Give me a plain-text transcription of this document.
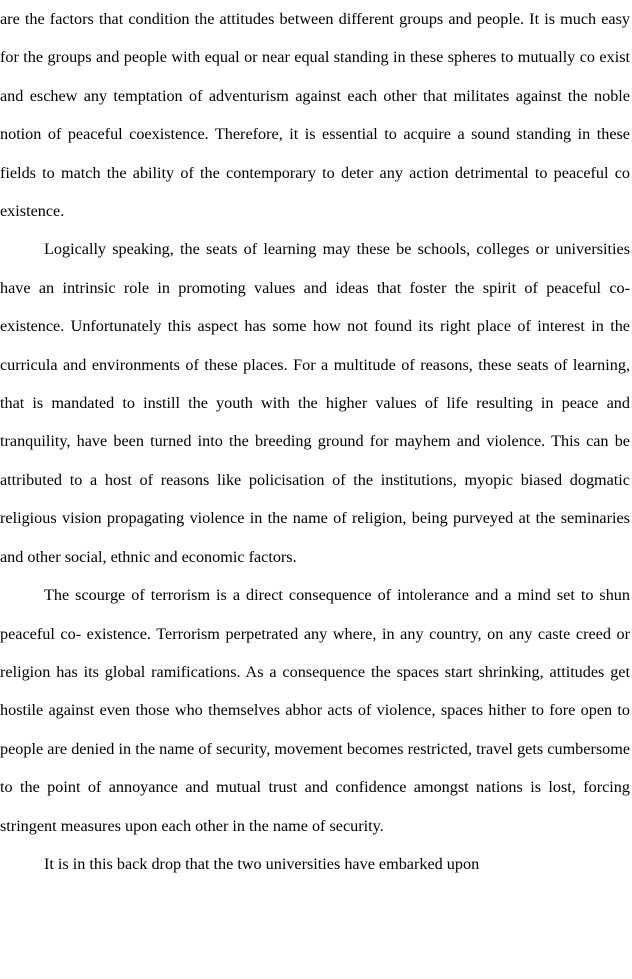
are the factors that condition the attitudes between different groups and people. It is much easy for the groups and people with equal or near equal standing in these spheres to mutually co exist and eschew any temptation of adventurism against each other that militates against the noble notion of peaceful coexistence. Therefore, it is essential to acquire a sound standing in these fields to match the ability of the contemporary to deter any action detrimental to peaceful co existence.

Logically speaking, the seats of learning may these be schools, colleges or universities have an intrinsic role in promoting values and ideas that foster the spirit of peaceful co- existence. Unfortunately this aspect has some how not found its right place of interest in the curricula and environments of these places. For a multitude of reasons, these seats of learning, that is mandated to instill the youth with the higher values of life resulting in peace and tranquility, have been turned into the breeding ground for mayhem and violence. This can be attributed to a host of reasons like policisation of the institutions, myopic biased dogmatic religious vision propagating violence in the name of religion, being purveyed at the seminaries and other social, ethnic and economic factors.

The scourge of terrorism is a direct consequence of intolerance and a mind set to shun peaceful co- existence. Terrorism perpetrated any where, in any country, on any caste creed or religion has its global ramifications. As a consequence the spaces start shrinking, attitudes get hostile against even those who themselves abhor acts of violence, spaces hither to fore open to people are denied in the name of security, movement becomes restricted, travel gets cumbersome to the point of annoyance and mutual trust and confidence amongst nations is lost, forcing stringent measures upon each other in the name of security.

It is in this back drop that the two universities have embarked upon
